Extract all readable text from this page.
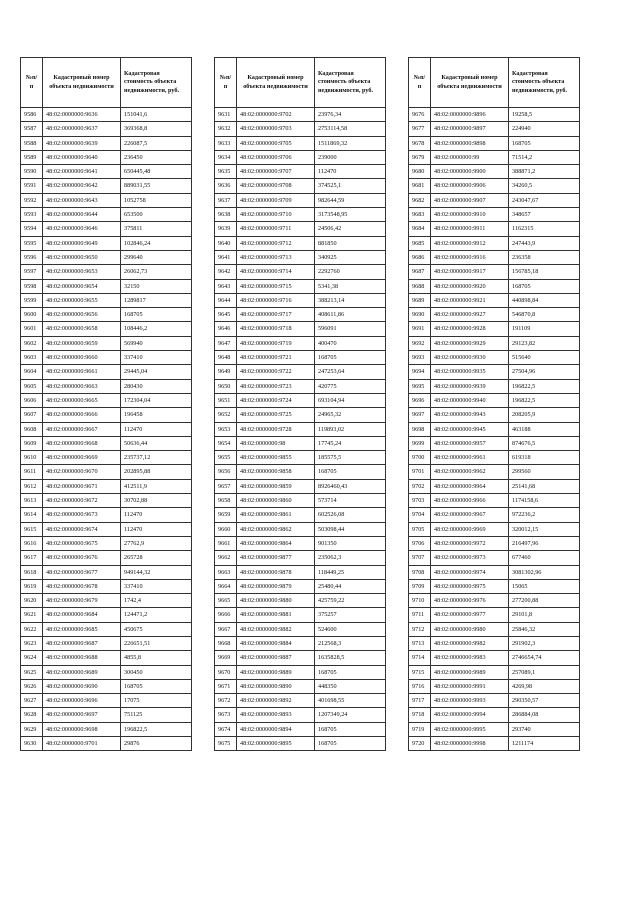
№п/п	Кадастровый номер объекта недвижимости	Кадастровая стоимость объекта недвижимости, руб.
9586	48:02:0000000:9636	151041,6
9587	48:02:0000000:9637	369368,8
9588	48:02:0000000:9639	226087,5
9589	48:02:0000000:9640	236450
9590	48:02:0000000:9641	650445,48
9591	48:02:0000000:9642	889031,55
9592	48:02:0000000:9643	1052758
9593	48:02:0000000:9644	653500
9594	48:02:0000000:9646	375811
9595	48:02:0000000:9649	102846,24
9596	48:02:0000000:9650	299640
9597	48:02:0000000:9653	26062,73
9598	48:02:0000000:9654	32150
9599	48:02:0000000:9655	1289817
9600	48:02:0000000:9656	168705
9601	48:02:0000000:9658	108446,2
9602	48:02:0000000:9659	569940
9603	48:02:0000000:9660	337410
9604	48:02:0000000:9661	29445,04
9605	48:02:0000000:9663	280430
9606	48:02:0000000:9665	172304,04
9607	48:02:0000000:9666	196458
9608	48:02:0000000:9667	112470
9609	48:02:0000000:9668	50636,44
9610	48:02:0000000:9669	235737,12
9611	48:02:0000000:9670	202895,88
9612	48:02:0000000:9671	412511,9
9613	48:02:0000000:9672	30702,88
9614	48:02:0000000:9673	112470
9615	48:02:0000000:9674	112470
9616	48:02:0000000:9675	27762,9
9617	48:02:0000000:9676	265728
9618	48:02:0000000:9677	949144,32
9619	48:02:0000000:9678	337410
9620	48:02:0000000:9679	1742,4
9621	48:02:0000000:9684	124471,2
9622	48:02:0000000:9685	450675
9623	48:02:0000000:9687	226651,51
9624	48:02:0000000:9688	4855,8
9625	48:02:0000000:9689	300450
9626	48:02:0000000:9690	168705
9627	48:02:0000000:9696	17075
9628	48:02:0000000:9697	751125
9629	48:02:0000000:9698	196822,5
9630	48:02:0000000:9701	29876
№п/п	Кадастровый номер объекта недвижимости	Кадастровая стоимость объекта недвижимости, руб.
9631	48:02:0000000:9702	23976,34
9632	48:02:0000000:9703	2753114,58
9633	48:02:0000000:9705	1511869,32
9634	48:02:0000000:9706	239000
9635	48:02:0000000:9707	112470
9636	48:02:0000000:9708	374525,1
9637	48:02:0000000:9709	982644,59
9638	48:02:0000000:9710	3173548,95
9639	48:02:0000000:9711	24506,42
9640	48:02:0000000:9712	881850
9641	48:02:0000000:9713	340925
9642	48:02:0000000:9714	2292760
9643	48:02:0000000:9715	5341,38
9644	48:02:0000000:9716	388213,14
9645	48:02:0000000:9717	408611,86
9646	48:02:0000000:9718	596091
9647	48:02:0000000:9719	400470
9648	48:02:0000000:9721	168705
9649	48:02:0000000:9722	247253,64
9650	48:02:0000000:9723	420775
9651	48:02:0000000:9724	693104,94
9652	48:02:0000000:9725	24965,32
9653	48:02:0000000:9728	119893,02
9654	48:02:0000000:98	17745,24
9655	48:02:0000000:9855	185575,5
9656	48:02:0000000:9858	168705
9657	48:02:0000000:9859	8926460,43
9658	48:02:0000000:9860	573714
9659	48:02:0000000:9861	602526,08
9660	48:02:0000000:9862	503098,44
9661	48:02:0000000:9864	901350
9662	48:02:0000000:9877	235062,3
9663	48:02:0000000:9878	118449,25
9664	48:02:0000000:9879	25480,44
9665	48:02:0000000:9880	425759,22
9666	48:02:0000000:9881	375257
9667	48:02:0000000:9882	524600
9668	48:02:0000000:9884	212568,3
9669	48:02:0000000:9887	1635828,5
9670	48:02:0000000:9889	168705
9671	48:02:0000000:9890	448350
9672	48:02:0000000:9892	401698,55
9673	48:02:0000000:9893	1207349,24
9674	48:02:0000000:9894	168705
9675	48:02:0000000:9895	168705
№п/п	Кадастровый номер объекта недвижимости	Кадастровая стоимость объекта недвижимости, руб.
9676	48:02:0000000:9896	19258,5
9677	48:02:0000000:9897	224940
9678	48:02:0000000:9898	168705
9679	48:02:0000000:99	71514,2
9680	48:02:0000000:9900	388871,2
9681	48:02:0000000:9906	34260,5
9682	48:02:0000000:9907	243047,67
9683	48:02:0000000:9910	348657
9684	48:02:0000000:9911	1162315
9685	48:02:0000000:9912	247443,9
9686	48:02:0000000:9916	236358
9687	48:02:0000000:9917	156785,18
9688	48:02:0000000:9920	168705
9689	48:02:0000000:9921	440898,84
9690	48:02:0000000:9927	546870,8
9691	48:02:0000000:9928	191109
9692	48:02:0000000:9929	29123,82
9693	48:02:0000000:9930	515640
9694	48:02:0000000:9935	27504,96
9695	48:02:0000000:9939	196822,5
9696	48:02:0000000:9940	196822,5
9697	48:02:0000000:9943	208205,9
9698	48:02:0000000:9945	463188
9699	48:02:0000000:9957	874676,5
9700	48:02:0000000:9961	619318
9701	48:02:0000000:9962	299560
9702	48:02:0000000:9964	25141,68
9703	48:02:0000000:9966	1174158,6
9704	48:02:0000000:9967	972236,2
9705	48:02:0000000:9969	320012,15
9706	48:02:0000000:9972	216497,96
9707	48:02:0000000:9973	677460
9708	48:02:0000000:9974	3081302,96
9709	48:02:0000000:9975	15065
9710	48:02:0000000:9976	277200,88
9711	48:02:0000000:9977	29101,8
9712	48:02:0000000:9980	25846,32
9713	48:02:0000000:9982	291902,3
9714	48:02:0000000:9983	2746654,74
9715	48:02:0000000:9989	257089,1
9716	48:02:0000000:9991	4269,98
9717	48:02:0000000:9993	290350,57
9718	48:02:0000000:9994	286884,08
9719	48:02:0000000:9995	293740
9720	48:02:0000000:9998	1211174
